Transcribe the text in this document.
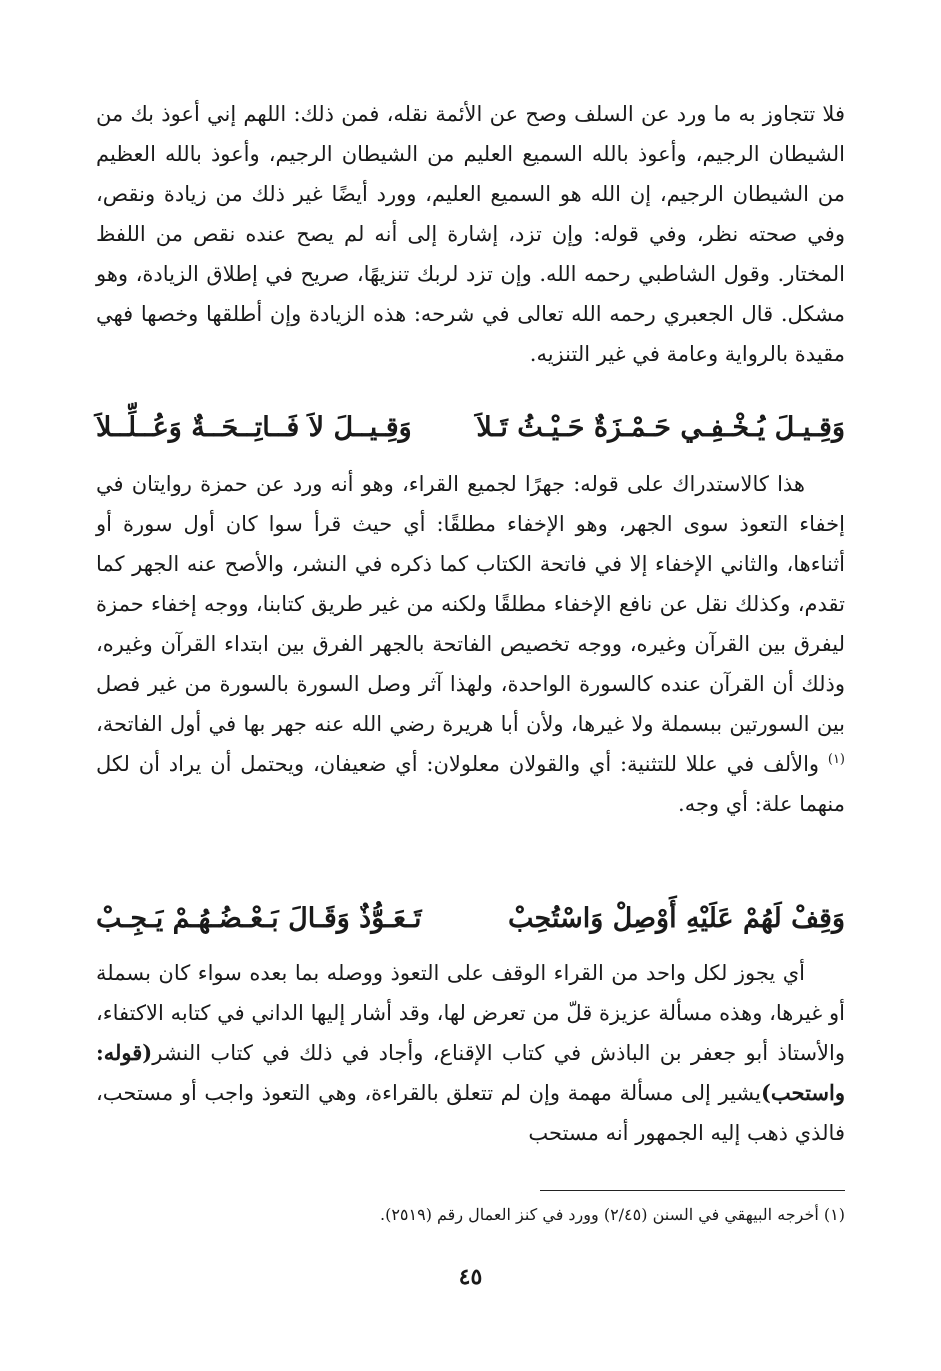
فلا تتجاوز به ما ورد عن السلف وصح عن الأئمة نقله، فمن ذلك: اللهم إني أعوذ بك من الشيطان الرجيم، وأعوذ بالله السميع العليم من الشيطان الرجيم، وأعوذ بالله العظيم من الشيطان الرجيم، إن الله هو السميع العليم، وورد أيضًا غير ذلك من زيادة ونقص، وفي صحته نظر، وفي قوله: وإن تزد، إشارة إلى أنه لم يصح عنده نقص من اللفظ المختار. وقول الشاطبي رحمه الله. وإن تزد لربك تنزيهًا، صريح في إطلاق الزيادة، وهو مشكل. قال الجعبري رحمه الله تعالى في شرحه: هذه الزيادة وإن أطلقها وخصها فهي مقيدة بالرواية وعامة في غير التنزيه.

وَقِـيـلَ يُـخْـفِـي حَـمْـزَةٌ حَـيْـثُ تَـلاَ
وَقِـيــلَ لاَ فَــاتِــحَــةٌ وَعُــلِّــلاَ

هذا كالاستدراك على قوله: جهرًا لجميع القراء، وهو أنه ورد عن حمزة روايتان في إخفاء التعوذ سوى الجهر، وهو الإخفاء مطلقًا: أي حيث قرأ سوا كان أول سورة أو أثناءها، والثاني الإخفاء إلا في فاتحة الكتاب كما ذكره في النشر، والأصح عنه الجهر كما تقدم، وكذلك نقل عن نافع الإخفاء مطلقًا ولكنه من غير طريق كتابنا، ووجه إخفاء حمزة ليفرق بين القرآن وغيره، ووجه تخصيص الفاتحة بالجهر الفرق بين ابتداء القرآن وغيره، وذلك أن القرآن عنده كالسورة الواحدة، ولهذا آثر وصل السورة بالسورة من غير فصل بين السورتين ببسملة ولا غيرها، ولأن أبا هريرة رضي الله عنه جهر بها في أول الفاتحة،$^{(١)}$ والألف في عللا للتثنية: أي والقولان معلولان: أي ضعيفان، ويحتمل أن يراد أن لكل منهما علة: أي وجه.

وَقِفْ لَهُمْ عَلَيْهِ أَوْصِلْ وَاسْتُحِبْ
تَـعَـوُّذٌ وَقَـالَ بَـعْـضُـهُـمْ يَـجِـبْ

أي يجوز لكل واحد من القراء الوقف على التعوذ ووصله بما بعده سواء كان بسملة أو غيرها، وهذه مسألة عزيزة قلّ من تعرض لها، وقد أشار إليها الداني في كتابه الاكتفاء، والأستاذ أبو جعفر بن الباذش في كتاب الإقناع، وأجاد في ذلك في كتاب النشر(قوله: واستحب)يشير إلى مسألة مهمة وإن لم تتعلق بالقراءة، وهي التعوذ واجب أو مستحب، فالذي ذهب إليه الجمهور أنه مستحب

(١) أخرجه البيهقي في السنن (٢/٤٥) وورد في كنز العمال رقم (٢٥١٩).

٤٥
